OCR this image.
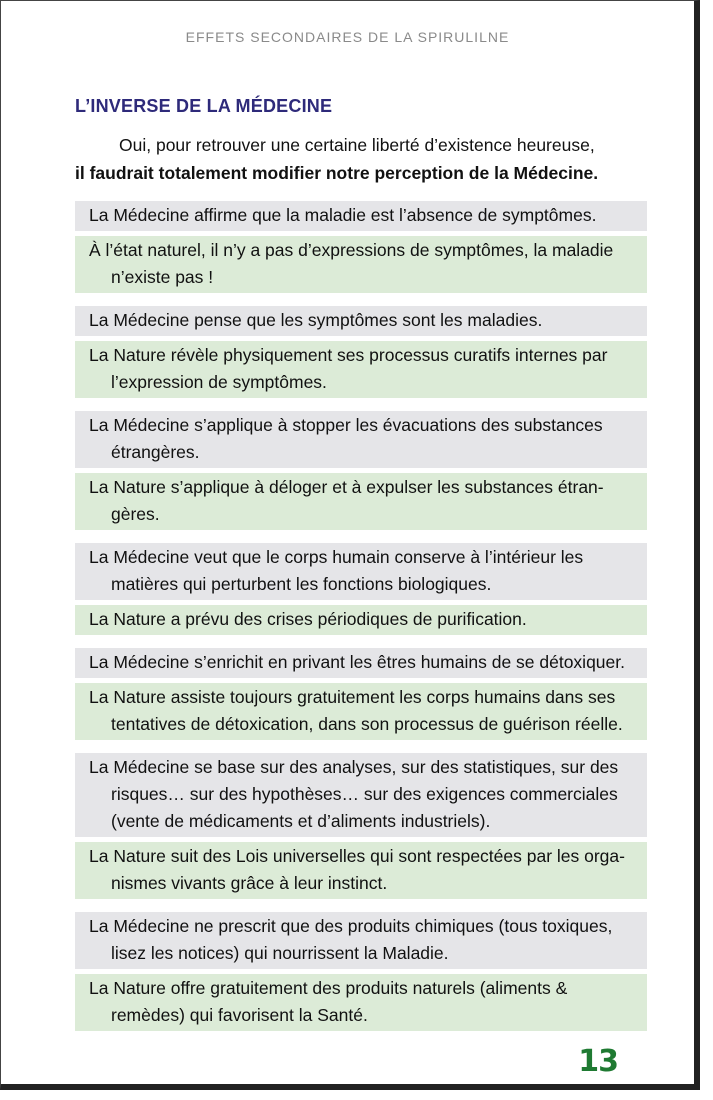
EFFETS SECONDAIRES DE LA SPIRULILNE
L’INVERSE DE LA MÉDECINE
Oui, pour retrouver une certaine liberté d’existence heureuse,
il faudrait totalement modifier notre perception de la Médecine.
La Médecine affirme que la maladie est l’absence de symptômes.
À l’état naturel, il n’y a pas d’expressions de symptômes, la maladie
n’existe pas !
La Médecine pense que les symptômes sont les maladies.
La Nature révèle physiquement ses processus curatifs internes par
l’expression de symptômes.
La Médecine s’applique à stopper les évacuations des substances
étrangères.
La Nature s’applique à déloger et à expulser les substances étran-
gères.
La Médecine veut que le corps humain conserve à l’intérieur les
matières qui perturbent les fonctions biologiques.
La Nature a prévu des crises périodiques de purification.
La Médecine s’enrichit en privant les êtres humains de se détoxiquer.
La Nature assiste toujours gratuitement les corps humains dans ses
tentatives de détoxication, dans son processus de guérison réelle.
La Médecine se base sur des analyses, sur des statistiques, sur des
risques… sur des hypothèses… sur des exigences commerciales
(vente de médicaments et d’aliments industriels).
La Nature suit des Lois universelles qui sont respectées par les orga-
nismes vivants grâce à leur instinct.
La Médecine ne prescrit que des produits chimiques (tous toxiques,
lisez les notices) qui nourrissent la Maladie.
La Nature offre gratuitement des produits naturels (aliments &
remèdes) qui favorisent la Santé.
13
